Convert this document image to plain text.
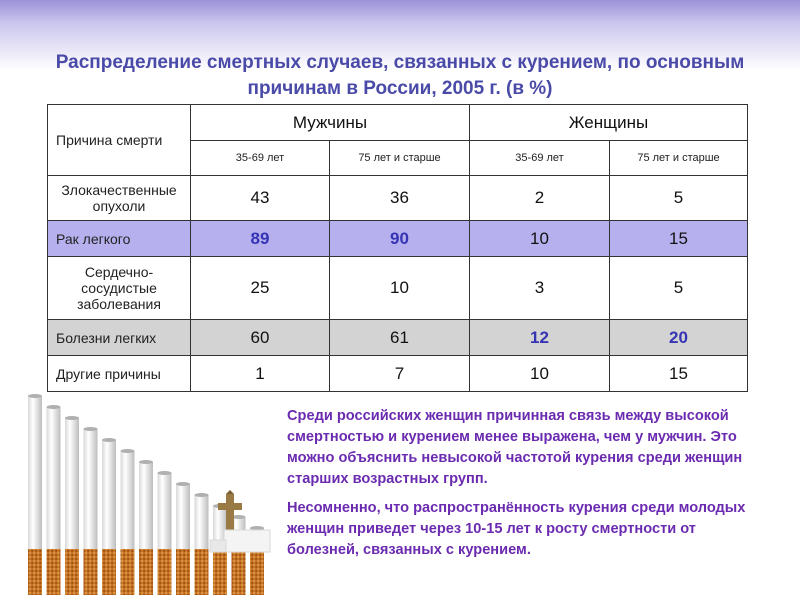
Распределение смертных случаев, связанных с курением, по основным причинам в России, 2005 г. (в %)
Причина смерти	Мужчины		Женщины	
	35-69 лет	75 лет и старше	35-69 лет	75 лет и старше
Злокачественные опухоли	43	36	2	5
Рак легкого	89	90	10	15
Сердечно-сосудистые заболевания	25	10	3	5
Болезни легких	60	61	12	20
Другие причины	1	7	10	15

Среди российских женщин причинная связь между высокой смертностью и курением менее выражена, чем у мужчин. Это можно объяснить невысокой частотой курения среди женщин старших возрастных групп.

Несомненно, что распространённость курения среди молодых женщин приведет через 10-15 лет к росту смертности от болезней, связанных с курением.
